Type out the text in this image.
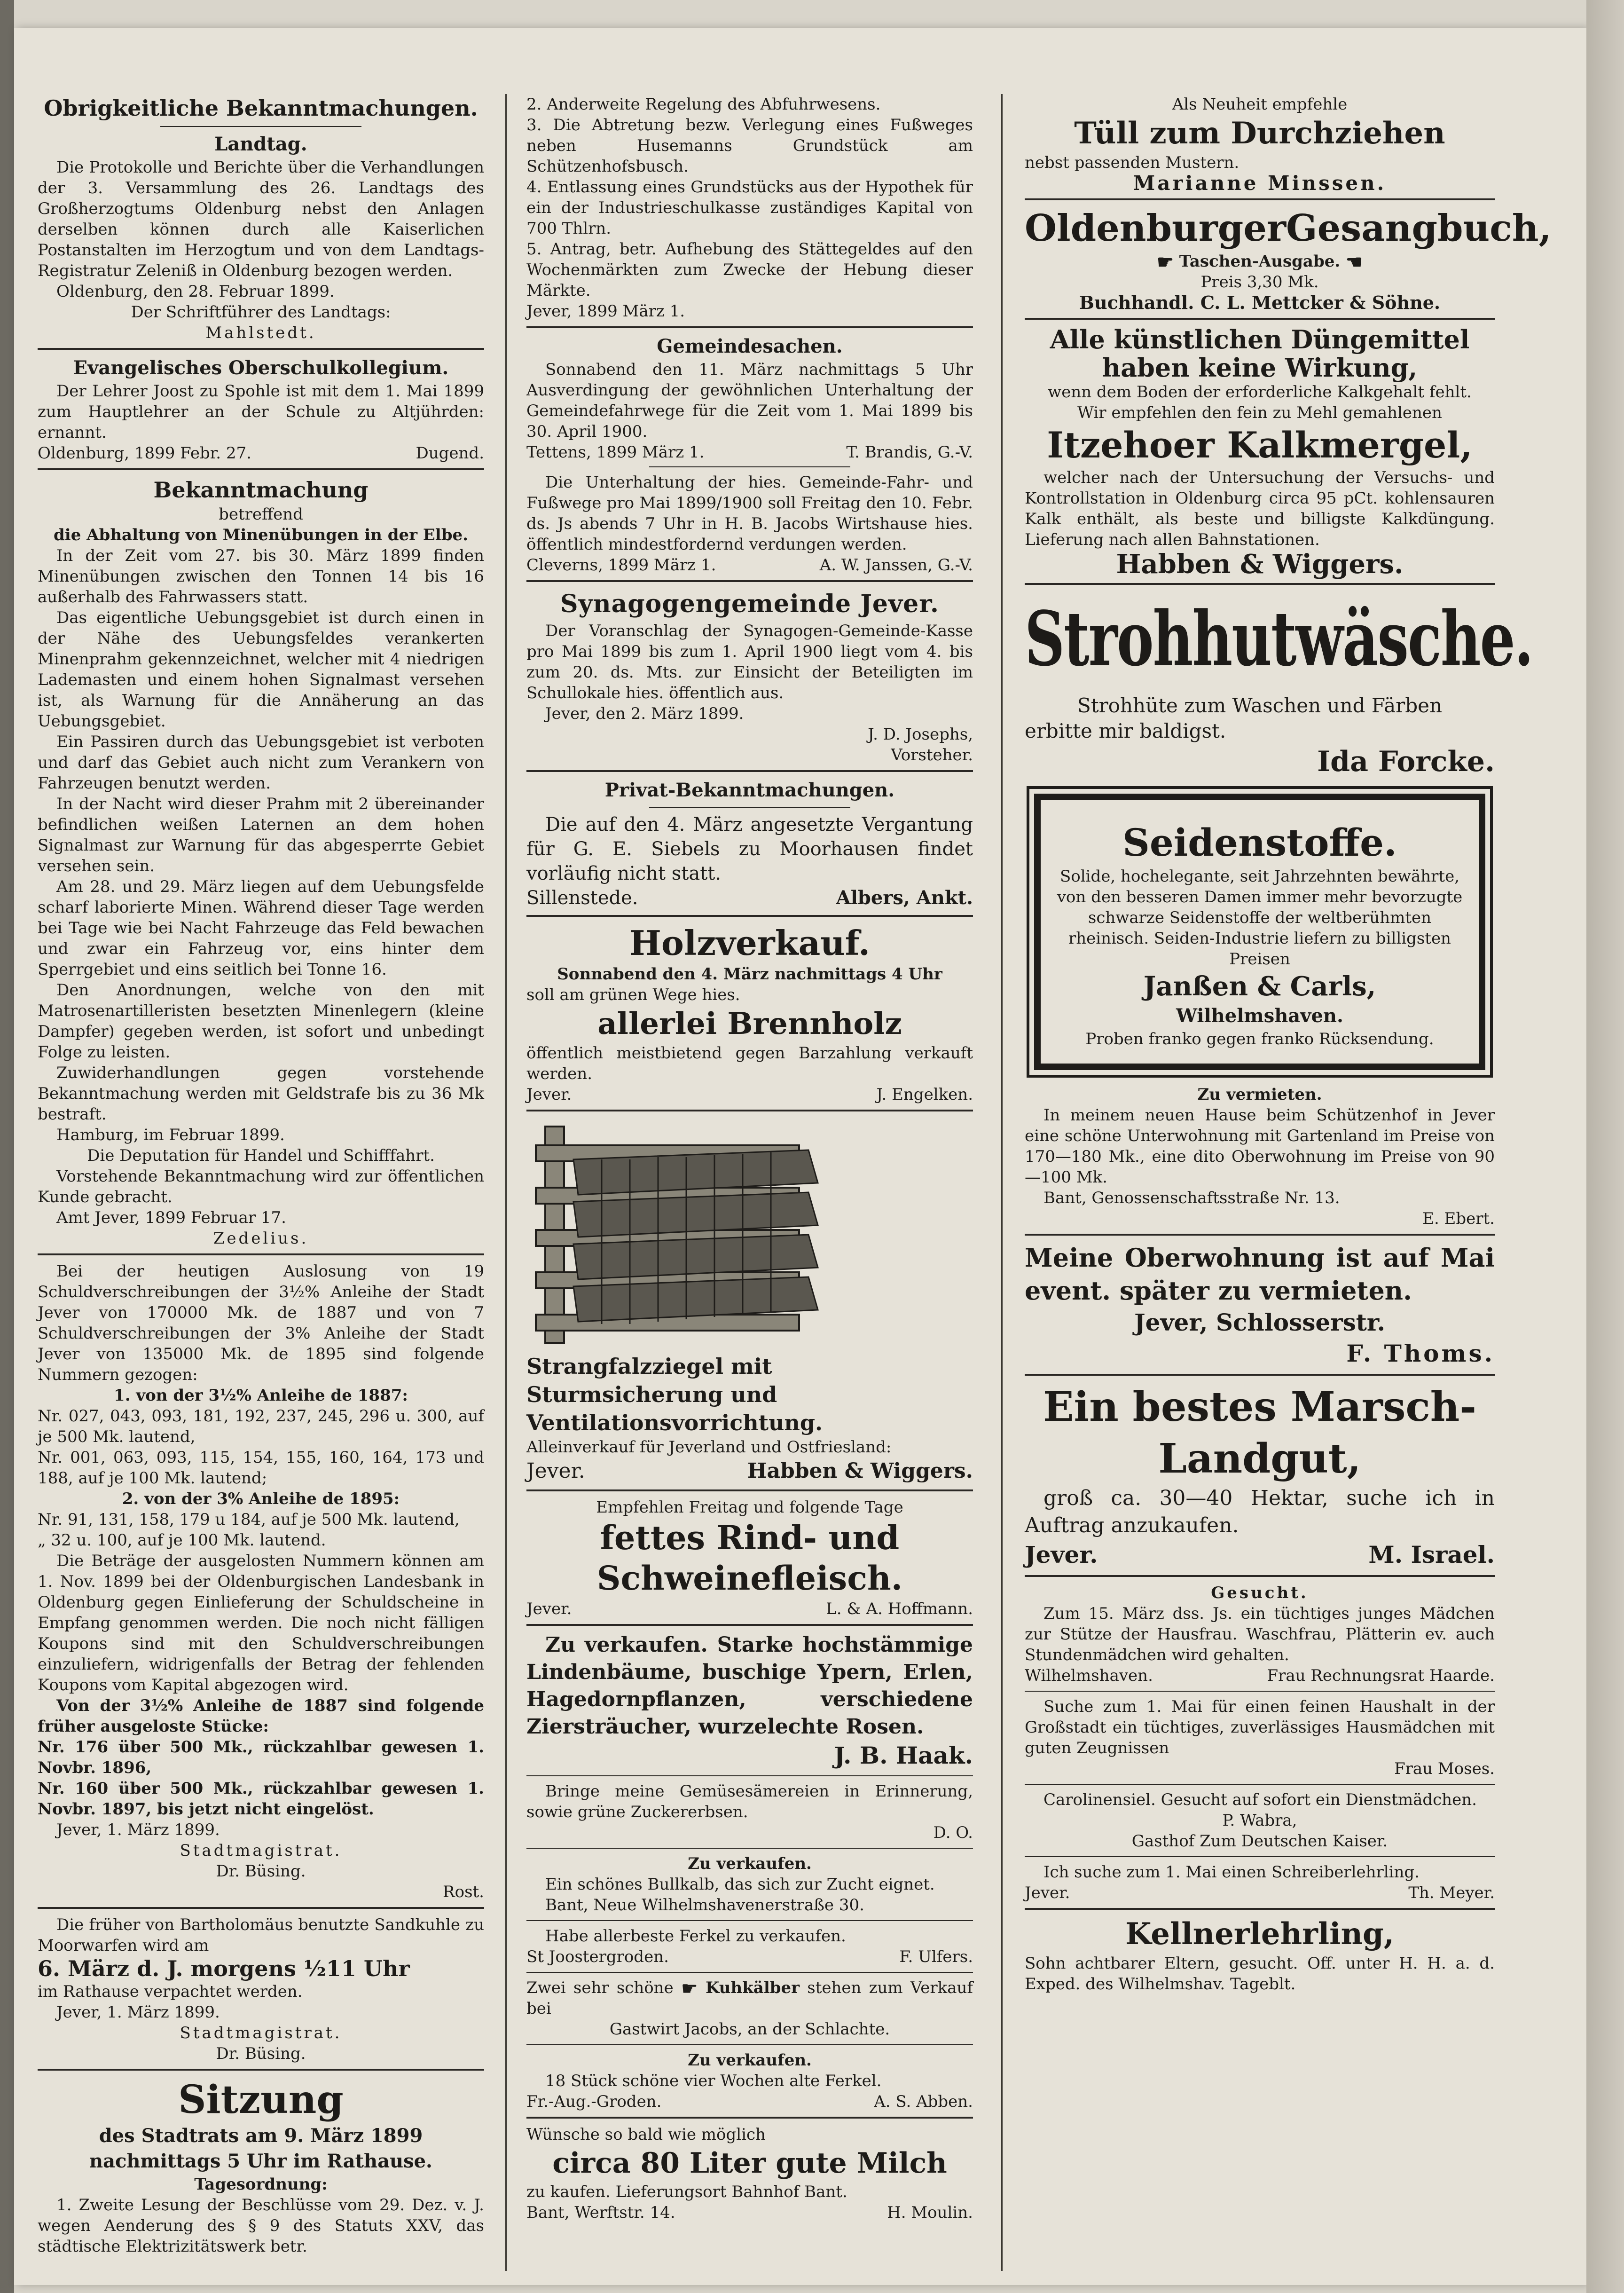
Obrigkeitliche Bekanntmachungen.

Landtag.

Die Protokolle und Berichte über die Verhandlungen der 3. Versammlung des 26. Landtags des Großherzogtums Oldenburg nebst den Anlagen derselben können durch alle Kaiserlichen Postanstalten im Herzogtum und von dem Landtags-Registratur Zeleniß in Oldenburg bezogen werden.

Oldenburg, den 28. Februar 1899.

Der Schriftführer des Landtags:

Mahlstedt.

Evangelisches Oberschulkollegium.

Der Lehrer Joost zu Spohle ist mit dem 1. Mai 1899 zum Hauptlehrer an der Schule zu Altjührden: ernannt.

Oldenburg, 1899 Febr. 27.	Dugend.

Bekanntmachung

betreffend

die Abhaltung von Minenübungen in der Elbe.

In der Zeit vom 27. bis 30. März 1899 finden Minenübungen zwischen den Tonnen 14 bis 16 außerhalb des Fahrwassers statt.

Das eigentliche Uebungsgebiet ist durch einen in der Nähe des Uebungsfeldes verankerten Minenprahm gekennzeichnet, welcher mit 4 niedrigen Lademasten und einem hohen Signalmast versehen ist, als Warnung für die Annäherung an das Uebungsgebiet.

Ein Passiren durch das Uebungsgebiet ist verboten und darf das Gebiet auch nicht zum Verankern von Fahrzeugen benutzt werden.

In der Nacht wird dieser Prahm mit 2 übereinander befindlichen weißen Laternen an dem hohen Signalmast zur Warnung für das abgesperrte Gebiet versehen sein.

Am 28. und 29. März liegen auf dem Uebungsfelde scharf laborierte Minen. Während dieser Tage werden bei Tage wie bei Nacht Fahrzeuge das Feld bewachen und zwar ein Fahrzeug vor, eins hinter dem Sperrgebiet und eins seitlich bei Tonne 16.

Den Anordnungen, welche von den mit Matrosenartilleristen besetzten Minenlegern (kleine Dampfer) gegeben werden, ist sofort und unbedingt Folge zu leisten.

Zuwiderhandlungen gegen vorstehende Bekanntmachung werden mit Geldstrafe bis zu 36 Mk bestraft.

Hamburg, im Februar 1899.

Die Deputation für Handel und Schifffahrt.

Vorstehende Bekanntmachung wird zur öffentlichen Kunde gebracht.

Amt Jever, 1899 Februar 17.

Zedelius.

Bei der heutigen Auslosung von 19 Schuldverschreibungen der 3½% Anleihe der Stadt Jever von 170000 Mk. de 1887 und von 7 Schuldverschreibungen der 3% Anleihe der Stadt Jever von 135000 Mk. de 1895 sind folgende Nummern gezogen:

1. von der 3½% Anleihe de 1887:

Nr. 027, 043, 093, 181, 192, 237, 245, 296 u. 300, auf je 500 Mk. lautend,

Nr. 001, 063, 093, 115, 154, 155, 160, 164, 173 und 188, auf je 100 Mk. lautend;

2. von der 3% Anleihe de 1895:

Nr. 91, 131, 158, 179 u 184, auf je 500 Mk. lautend,

„ 32 u. 100, auf je 100 Mk. lautend.

Die Beträge der ausgelosten Nummern können am 1. Nov. 1899 bei der Oldenburgischen Landesbank in Oldenburg gegen Einlieferung der Schuldscheine in Empfang genommen werden. Die noch nicht fälligen Koupons sind mit den Schuldverschreibungen einzuliefern, widrigenfalls der Betrag der fehlenden Koupons vom Kapital abgezogen wird.

Von der 3½% Anleihe de 1887 sind folgende früher ausgeloste Stücke:

Nr. 176 über 500 Mk., rückzahlbar gewesen 1. Novbr. 1896,

Nr. 160 über 500 Mk., rückzahlbar gewesen 1. Novbr. 1897, bis jetzt nicht eingelöst.

Jever, 1. März 1899.

Stadtmagistrat.

Dr. Büsing.

Rost.

Die früher von Bartholomäus benutzte Sandkuhle zu Moorwarfen wird am

6. März d. J. morgens ½11 Uhr

im Rathause verpachtet werden.

Jever, 1. März 1899.

Stadtmagistrat.

Dr. Büsing.

Sitzung

des Stadtrats am 9. März 1899

nachmittags 5 Uhr im Rathause.

Tagesordnung:

1. Zweite Lesung der Beschlüsse vom 29. Dez. v. J. wegen Aenderung des § 9 des Statuts XXV, das städtische Elektrizitätswerk betr.

2. Anderweite Regelung des Abfuhrwesens.

3. Die Abtretung bezw. Verlegung eines Fußweges neben Husemanns Grundstück am Schützenhofsbusch.

4. Entlassung eines Grundstücks aus der Hypothek für ein der Industrieschulkasse zuständiges Kapital von 700 Thlrn.

5. Antrag, betr. Aufhebung des Stättegeldes auf den Wochenmärkten zum Zwecke der Hebung dieser Märkte.

Jever, 1899 März 1.

Gemeindesachen.

Sonnabend den 11. März nachmittags 5 Uhr Ausverdingung der gewöhnlichen Unterhaltung der Gemeindefahrwege für die Zeit vom 1. Mai 1899 bis 30. April 1900.

Tettens, 1899 März 1.	T. Brandis, G.-V.

Die Unterhaltung der hies. Gemeinde-Fahr- und Fußwege pro Mai 1899/1900 soll Freitag den 10. Febr. ds. Js abends 7 Uhr in H. B. Jacobs Wirtshause hies. öffentlich mindestfordernd verdungen werden.

Cleverns, 1899 März 1.	A. W. Janssen, G.-V.

Synagogengemeinde Jever.

Der Voranschlag der Synagogen-Gemeinde-Kasse pro Mai 1899 bis zum 1. April 1900 liegt vom 4. bis zum 20. ds. Mts. zur Einsicht der Beteiligten im Schullokale hies. öffentlich aus.

Jever, den 2. März 1899.

J. D. Josephs,

Vorsteher.

Privat-Bekanntmachungen.

Die auf den 4. März angesetzte Vergantung für G. E. Siebels zu Moorhausen findet vorläufig nicht statt.

Sillenstede.	Albers, Ankt.

Holzverkauf.

Sonnabend den 4. März nachmittags 4 Uhr

soll am grünen Wege hies.

allerlei Brennholz

öffentlich meistbietend gegen Barzahlung verkauft werden.

Jever.	J. Engelken.

Strangfalzziegel mit Sturmsicherung und Ventilationsvorrichtung.

Alleinverkauf für Jeverland und Ostfriesland:

Jever.	Habben & Wiggers.

Empfehlen Freitag und folgende Tage

fettes Rind- und

Schweinefleisch.

Jever.	L. & A. Hoffmann.

Zu verkaufen. Starke hochstämmige Lindenbäume, buschige Ypern, Erlen, Hagedornpflanzen, verschiedene Ziersträucher, wurzelechte Rosen.

J. B. Haak.

Bringe meine Gemüsesämereien in Erinnerung, sowie grüne Zuckererbsen.

D. O.

Zu verkaufen.

Ein schönes Bullkalb, das sich zur Zucht eignet.

Bant, Neue Wilhelmshavenerstraße 30.

Habe allerbeste Ferkel zu verkaufen.

St Joostergroden.	F. Ulfers.

Zwei sehr schöne ☛ Kuhkälber stehen zum Verkauf bei

Gastwirt Jacobs, an der Schlachte.

Zu verkaufen.

18 Stück schöne vier Wochen alte Ferkel.

Fr.-Aug.-Groden.	A. S. Abben.

Wünsche so bald wie möglich

circa 80 Liter gute Milch

zu kaufen. Lieferungsort Bahnhof Bant.

Bant, Werftstr. 14.	H. Moulin.

Als Neuheit empfehle

Tüll zum Durchziehen

nebst passenden Mustern.

Marianne Minssen.

OldenburgerGesangbuch,

☛ Taschen-Ausgabe. ☚

Preis 3,30 Mk.

Buchhandl. C. L. Mettcker & Söhne.

Alle künstlichen Düngemittel

haben keine Wirkung,

wenn dem Boden der erforderliche Kalkgehalt fehlt.

Wir empfehlen den fein zu Mehl gemahlenen

Itzehoer Kalkmergel,

welcher nach der Untersuchung der Versuchs- und Kontrollstation in Oldenburg circa 95 pCt. kohlensauren Kalk enthält, als beste und billigste Kalkdüngung. Lieferung nach allen Bahnstationen.

Habben & Wiggers.

Strohhutwäsche.

Strohhüte zum Waschen und Färben

erbitte mir baldigst.

Ida Forcke.

Seidenstoffe.

Solide, hochelegante, seit Jahrzehnten bewährte, von den besseren Damen immer mehr bevorzugte schwarze Seidenstoffe der weltberühmten rheinisch. Seiden-Industrie liefern zu billigsten Preisen

Janßen & Carls,

Wilhelmshaven.

Proben franko gegen franko Rücksendung.

Zu vermieten.

In meinem neuen Hause beim Schützenhof in Jever eine schöne Unterwohnung mit Gartenland im Preise von 170—180 Mk., eine dito Oberwohnung im Preise von 90—100 Mk.

Bant, Genossenschaftsstraße Nr. 13.

E. Ebert.

Meine Oberwohnung ist auf Mai event. später zu vermieten.

Jever, Schlosserstr.

F. Thoms.

Ein bestes Marsch-

Landgut,

groß ca. 30—40 Hektar, suche ich in Auftrag anzukaufen.

Jever.	M. Israel.

Gesucht.

Zum 15. März dss. Js. ein tüchtiges junges Mädchen zur Stütze der Hausfrau. Waschfrau, Plätterin ev. auch Stundenmädchen wird gehalten.

Wilhelmshaven.	Frau Rechnungsrat Haarde.

Suche zum 1. Mai für einen feinen Haushalt in der Großstadt ein tüchtiges, zuverlässiges Hausmädchen mit guten Zeugnissen

Frau Moses.

Carolinensiel. Gesucht auf sofort ein Dienstmädchen.

P. Wabra,

Gasthof Zum Deutschen Kaiser.

Ich suche zum 1. Mai einen Schreiberlehrling.

Jever.	Th. Meyer.

Kellnerlehrling,

Sohn achtbarer Eltern, gesucht. Off. unter H. H. a. d. Exped. des Wilhelmshav. Tageblt.
